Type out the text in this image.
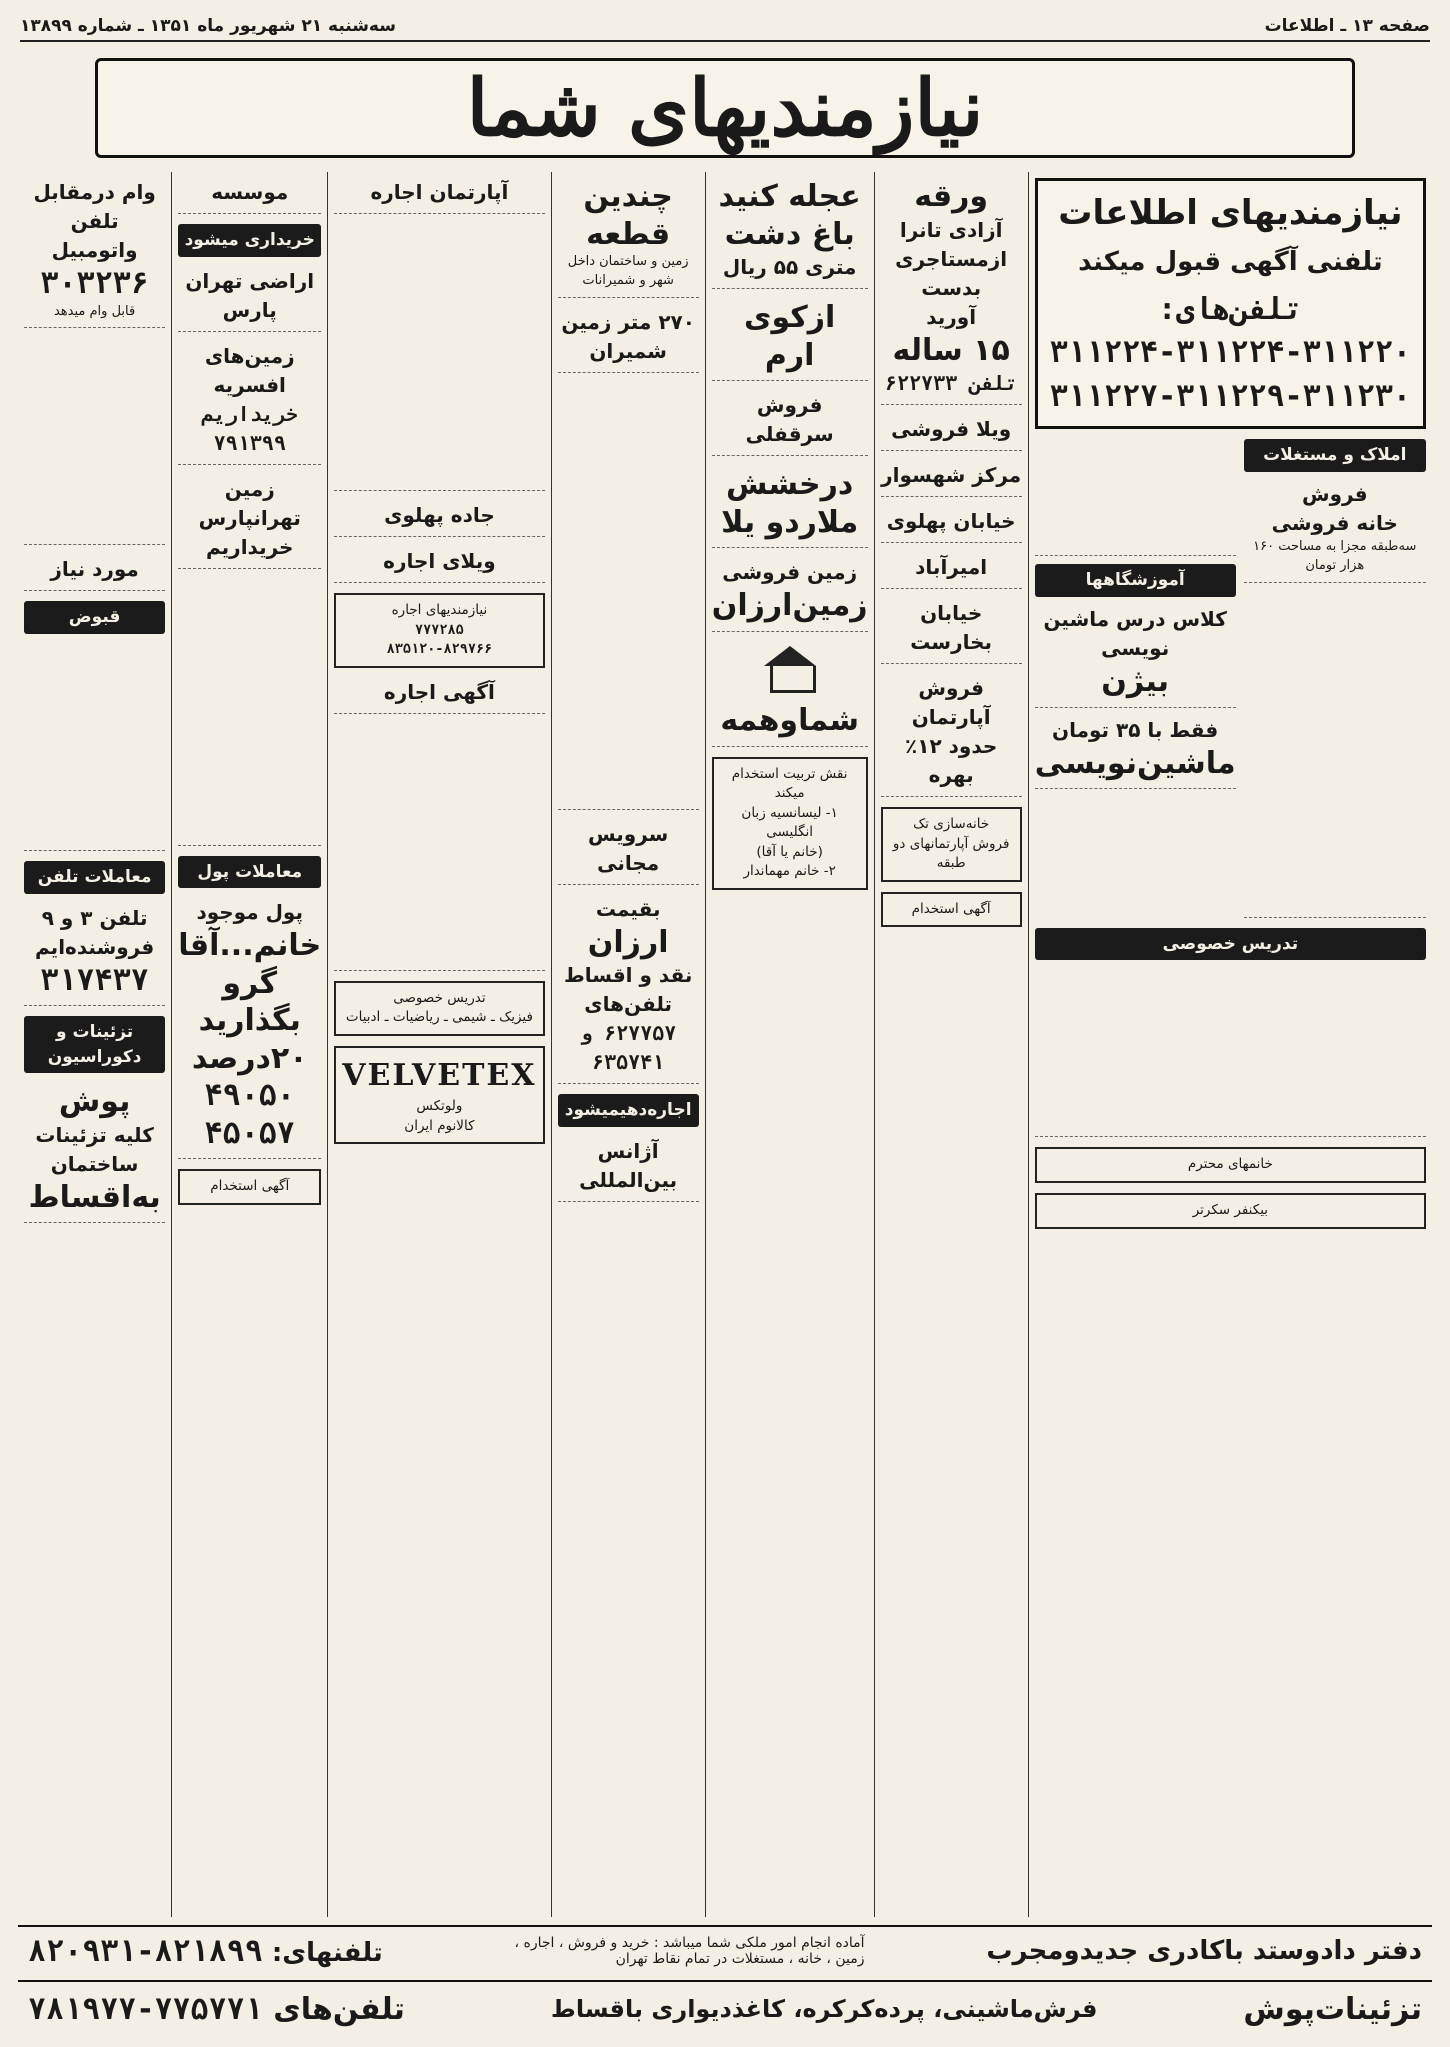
صفحه ۱۳ ـ اطلاعات
سه‌شنبه ۲۱ شهریور ماه ۱۳۵۱ ـ شماره ۱۳۸۹۹
نیازمندیهای شما
نیازمندیهای اطلاعات
تلفنی آگهی قبول میکند
تلفن‌های: ۳۱۱۲۲۰-۳۱۱۲۲۴-۳۱۱۲۲۴
۳۱۱۲۲۷-۳۱۱۲۲۹-۳۱۱۲۳۰
املاک و مستغلات
فروش
خانه فروشی
سه‌طبقه مجزا به مساحت ۱۶۰ هزار تومان
آموزشگاهها
کلاس درس ماشین نویسی
بیژن
فقط با ۳۵ تومان
ماشین‌نویسی
تدریس خصوصی
خانمهای محترم
بیکنفر سکرتر
ورقه
آزادی تانرا
ازمستاجری
بدست
آورید
۱۵ ساله
تلفن ۶۲۲۷۳۳
ویلا فروشی
مرکز شهسوار
خیابان پهلوی
امیرآباد
خیابان بخارست
فروش آپارتمان
حدود ۱۲٪ بهره
خانه‌سازی تک
فروش آپارتمانهای دو طبقه
آگهی استخدام
عجله کنید
باغ دشت
متری ۵۵ ریال
ازکوی
ارم
فروش سرقفلی
درخشش
ملاردو یلا
زمین فروشی
زمین‌ارزان
شماوهمه
نقش تربیت استخدام میکند
۱- لیسانسیه زبان انگلیسی
(خانم یا آقا)
۲- خانم مهماندار
چندین قطعه
زمین و ساختمان داخل شهر و شمیرانات
۲۷۰ متر زمین شمیران
سرویس مجانی
بقیمت
ارزان
نقد و اقساط
تلفن‌های
۶۲۷۷۵۷ و ۶۳۵۷۴۱
اجاره‌دهیمیشود
آژانس بین‌المللی
آپارتمان اجاره
جاده پهلوی
ویلای اجاره
نیازمندیهای اجاره
۷۷۷۲۸۵
۸۳۵۱۲۰-۸۲۹۷۶۶
آگهی اجاره
تدریس خصوصی
فیزیک ـ شیمی ـ ریاضیات ـ ادبیات
VELVETEX
ولوتکس
کالانوم ایران
موسسه
خریداری میشود
اراضی تهران پارس
زمین‌های افسریه
خریداریم ۷۹۱۳۹۹
زمین تهرانپارس خریداریم
معاملات پول
پول موجود
خانم...آقا
گرو
بگذارید
۲۰درصد
۴۹۰۵۰
۴۵۰۵۷
آگهی استخدام
وام درمقابل تلفن
واتومبیل
۳۰۳۲۳۶
قابل وام میدهد
مورد نیاز
قبوض
معاملات تلفن
تلفن ۳ و ۹
فروشنده‌ایم
۳۱۷۴۳۷
تزئینات و دکوراسیون
پوش
کلیه تزئینات ساختمان
به‌اقساط
دفتر دادوستد باکادری جدیدومجرب
آماده انجام امور ملکی شما میباشد : خرید و فروش ، اجاره ، زمین ، خانه ، مستغلات در تمام نقاط تهران
تلفنهای: ۸۲۱۸۹۹-۸۲۰۹۳۱
تزئینات‌پوش
فرش‌ماشینی، پرده‌کرکره، کاغذدیواری باقساط
تلفن‌های ۷۷۵۷۷۱-۷۸۱۹۷۷
